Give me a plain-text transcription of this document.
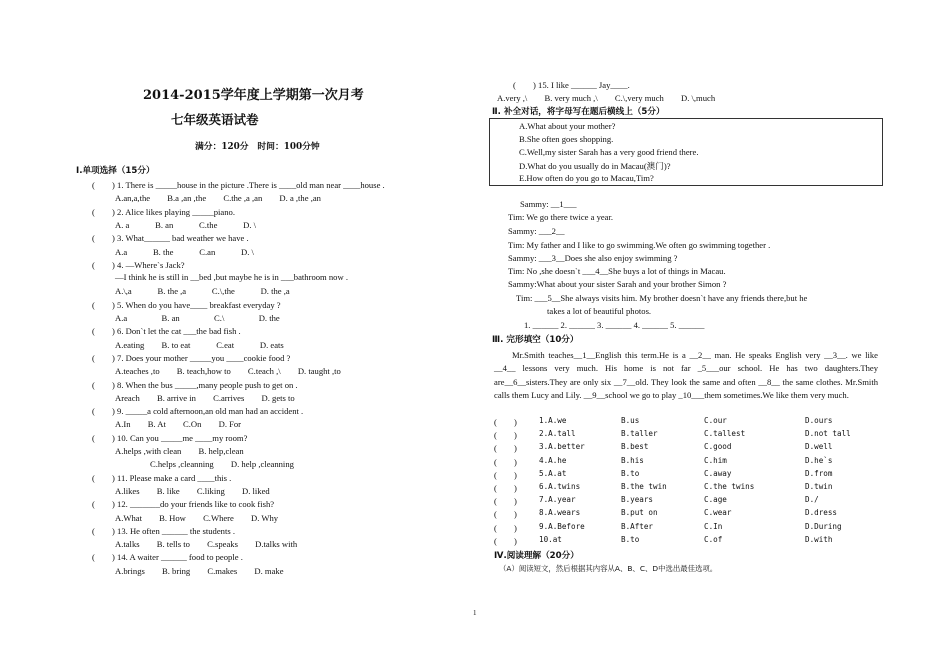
2014-2015学年度上学期第一次月考
七年级英语试卷
满分：120分　时间：100分钟
Ⅰ.单项选择（15分）
(　　) 1. There is _____house in the picture .There is ____old man near ____house .
A.an,a,the　　B.a ,an ,the　　C.the ,a ,an　　D. a ,the ,an
(　　) 2. Alice likes playing _____piano.
A. a　　　B. an　　　C.the　　　D. \
(　　) 3. What______ bad weather we have .
A.a　　　B. the　　　C.an　　　D. \
(　　) 4. —Where`s Jack?
—I think he is still in __bed ,but maybe he is in ___bathroom now .
A.\,a　　　B. the ,a　　　C.\,the　　　D. the ,a
(　　) 5. When do you have____ breakfast everyday ?
A.a　　　　B. an　　　　C.\　　　　D. the
(　　) 6. Don`t let the cat ___the bad fish .
A.eating　　B. to eat　　　C.eat　　　D. eats
(　　) 7. Does your mother _____you ____cookie food ?
A.teaches ,to　　B. teach,how to　　C.teach ,\　　D. taught ,to
(　　) 8. When the bus _____,many people push to get on .
Areach　　B. arrive in　　C.arrives　　D. gets to
(　　) 9. _____a cold afternoon,an old man had an accident .
A.In　　B. At　　C.On　　D. For
(　　) 10. Can you _____me ____my room?
A.helps ,with clean　　B. help,clean
C.helps ,cleanning　　D. help ,cleanning
(　　) 11. Please make a card ____this .
A.likes　　B. like　　C.liking　　D. liked
(　　) 12. _______do your friends like to cook fish?
A.What　　B. How　　C.Where　　D. Why
(　　) 13. He often ______ the students .
A.talks　　B. tells to　　C.speaks　　D.talks with
(　　) 14. A waiter ______ food to people .
A.brings　　B. bring　　C.makes　　D. make
(　　) 15. I like ______ Jay____.
A.very ,\　　B. very much ,\　　C.\,very much　　D. \,much
Ⅱ. 补全对话，将字母写在题后横线上（5分）
A.What about your mother?
B.She often goes shopping.
C.Well,my sister Sarah has a very good friend there.
D.What do you usually do in Macau(澳门)?
E.How often do you go to Macau,Tim?
Sammy: __1___
Tim: We go there twice a year.
Sammy: ___2__
Tim: My father and I like to go swimming.We often go swimming together .
Sammy: ___3__Does she also enjoy swimming ?
Tim: No ,she doesn`t ___4__She buys a lot of things in Macau.
Sammy:What about your sister Sarah and your brother Simon ?
Tim: ___5__She always visits him. My brother doesn`t have any friends there,but he
takes a lot of beautiful photos.
1. ______ 2. ______ 3. ______ 4. ______ 5. ______
Ⅲ. 完形填空（10分）
Mr.Smith teaches__1__English this term.He is a __2__ man. He speaks English very __3__. we like __4__ lessons very much. His home is not far _5___our school. He has two daughters.They are__6__sisters.They are only six __7__old. They look the same and often __8__ the same clothes. Mr.Smith calls them Lucy and Lily. __9__school we go to play _10___them sometimes.We like them very much.
(　　)	1.A.we	B.us	C.our	D.ours
(　　)	2.A.tall	B.taller	C.tallest	D.not tall
(　　)	3.A.better	B.best	C.good	D.well
(　　)	4.A.he	B.his	C.him	D.he`s
(　　)	5.A.at	B.to	C.away	D.from
(　　)	6.A.twins	B.the twin	C.the twins	D.twin
(　　)	7.A.year	B.years	C.age	D./
(　　)	8.A.wears	B.put on	C.wear	D.dress
(　　)	9.A.Before	B.After	C.In	D.During
(　　)	10.at	B.to	C.of	D.with
Ⅳ.阅读理解（20分）
（A）阅读短文，然后根据其内容从A、B、C、D中选出最佳选项。
1
